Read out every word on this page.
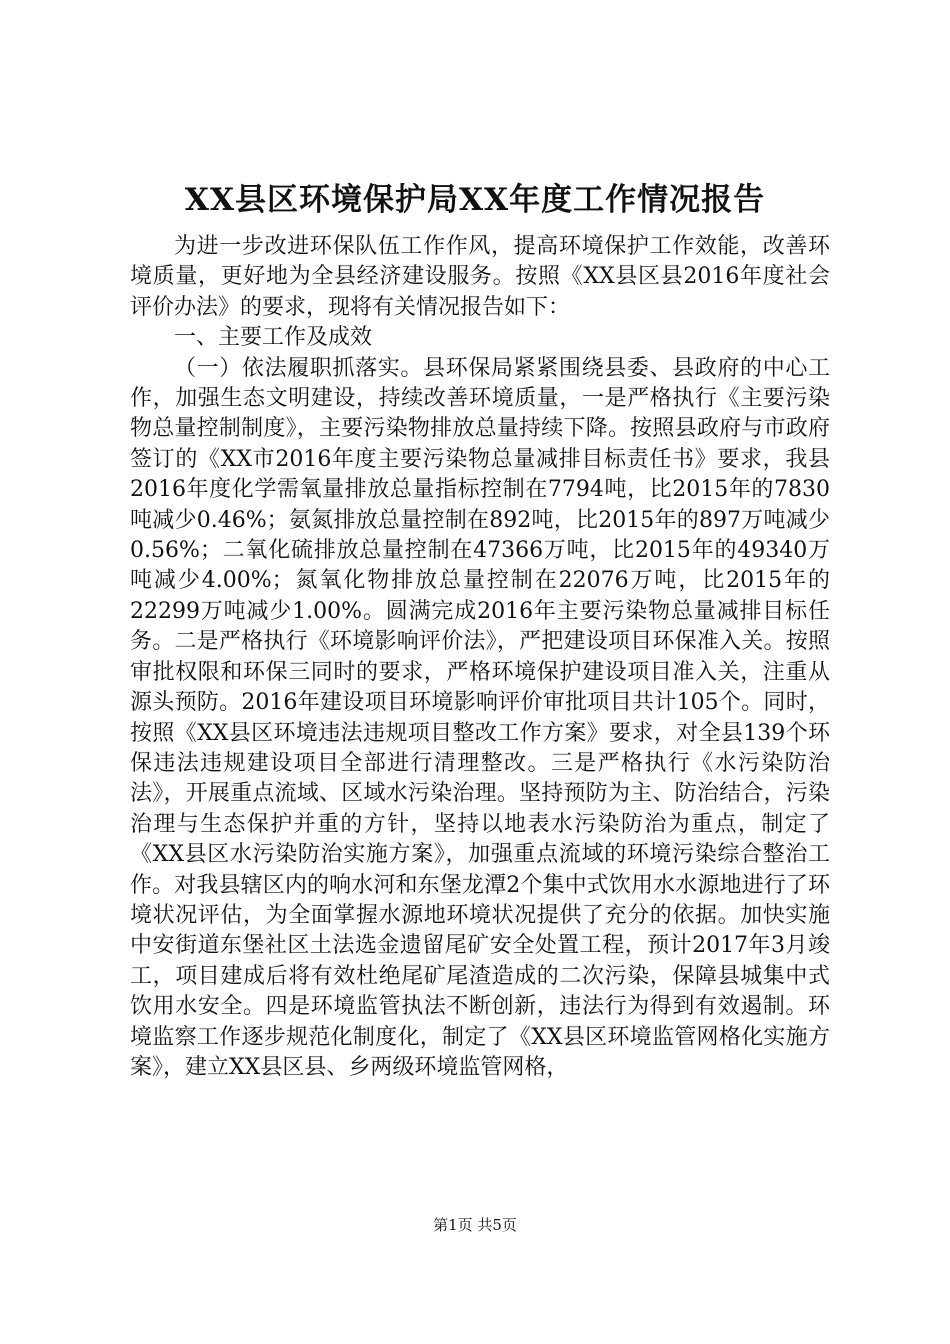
XX县区环境保护局XX年度工作情况报告

为进一步改进环保队伍工作作风，提高环境保护工作效能，改善环境质量，更好地为全县经济建设服务。按照《XX县区县2016年度社会评价办法》的要求，现将有关情况报告如下：

一、主要工作及成效

（一）依法履职抓落实。县环保局紧紧围绕县委、县政府的中心工作，加强生态文明建设，持续改善环境质量，一是严格执行《主要污染物总量控制制度》，主要污染物排放总量持续下降。按照县政府与市政府签订的《XX市2016年度主要污染物总量减排目标责任书》要求，我县2016年度化学需氧量排放总量指标控制在7794吨，比2015年的7830吨减少0.46%；氨氮排放总量控制在892吨，比2015年的897万吨减少0.56%；二氧化硫排放总量控制在47366万吨，比2015年的49340万吨减少4.00%；氮氧化物排放总量控制在22076万吨，比2015年的22299万吨减少1.00%。圆满完成2016年主要污染物总量减排目标任务。二是严格执行《环境影响评价法》，严把建设项目环保准入关。按照审批权限和环保三同时的要求，严格环境保护建设项目准入关，注重从源头预防。2016年建设项目环境影响评价审批项目共计105个。同时，按照《XX县区环境违法违规项目整改工作方案》要求，对全县139个环保违法违规建设项目全部进行清理整改。三是严格执行《水污染防治法》，开展重点流域、区域水污染治理。坚持预防为主、防治结合，污染治理与生态保护并重的方针，坚持以地表水污染防治为重点，制定了《XX县区水污染防治实施方案》，加强重点流域的环境污染综合整治工作。对我县辖区内的响水河和东堡龙潭2个集中式饮用水水源地进行了环境状况评估，为全面掌握水源地环境状况提供了充分的依据。加快实施中安街道东堡社区土法选金遗留尾矿安全处置工程，预计2017年3月竣工，项目建成后将有效杜绝尾矿尾渣造成的二次污染，保障县城集中式饮用水安全。四是环境监管执法不断创新，违法行为得到有效遏制。环境监察工作逐步规范化制度化，制定了《XX县区环境监管网格化实施方案》，建立XX县区县、乡两级环境监管网格，

第1页 共5页
